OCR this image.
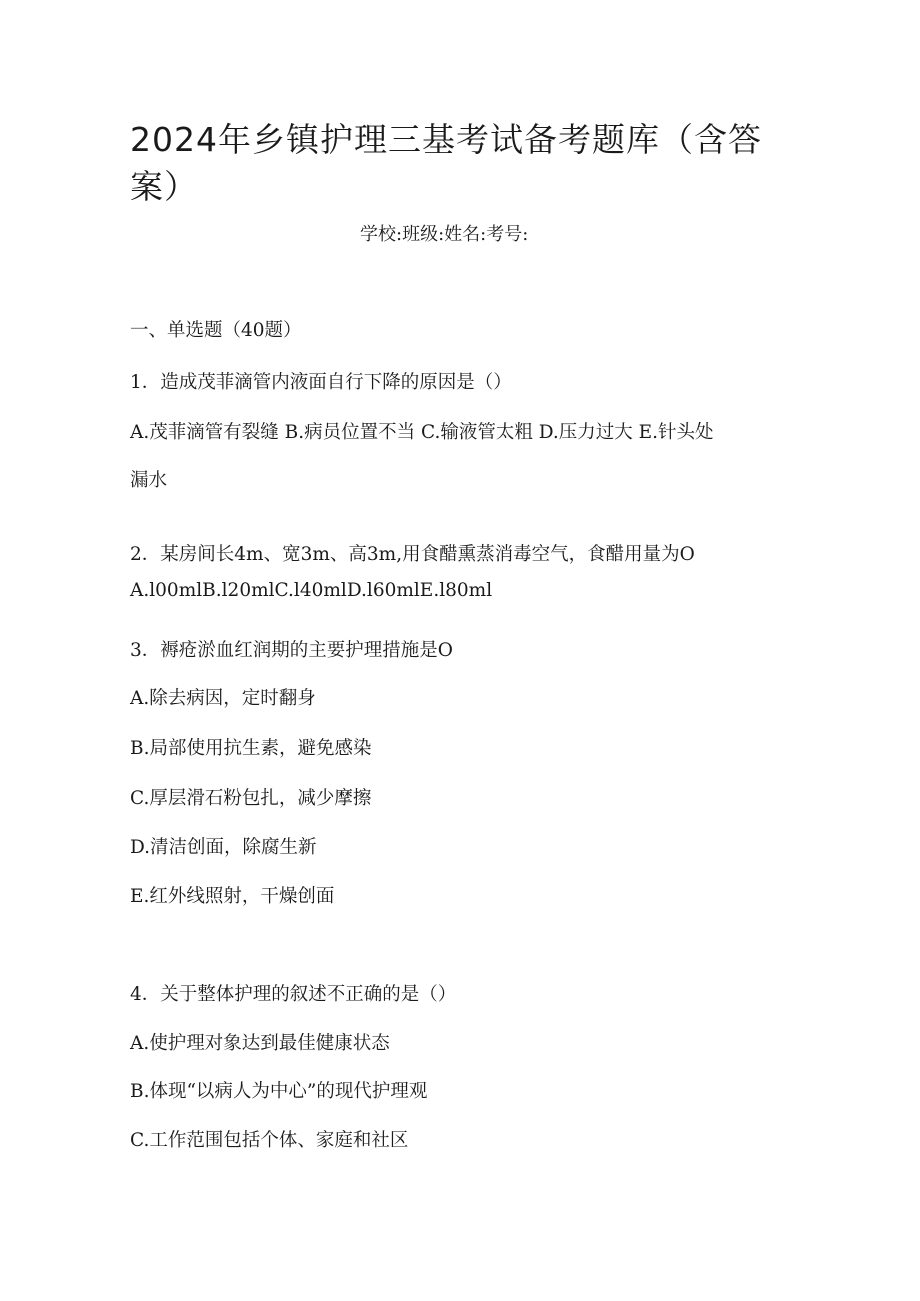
2024年乡镇护理三基考试备考题库（含答案）

学校:班级:姓名:考号:

一、单选题（40题）

1．造成茂菲滴管内液面自行下降的原因是（）

A.茂菲滴管有裂缝 B.病员位置不当 C.输液管太粗 D.压力过大 E.针头处

漏水

2．某房间长4m、宽3m、高3m,用食醋熏蒸消毒空气，食醋用量为O

A.l00mlB.l20mlC.l40mlD.l60mlE.l80ml

3．褥疮淤血红润期的主要护理措施是O

A.除去病因，定时翻身

B.局部使用抗生素，避免感染

C.厚层滑石粉包扎，减少摩擦

D.清洁创面，除腐生新

E.红外线照射，干燥创面

4．关于整体护理的叙述不正确的是（）

A.使护理对象达到最佳健康状态

B.体现“以病人为中心”的现代护理观

C.工作范围包括个体、家庭和社区
